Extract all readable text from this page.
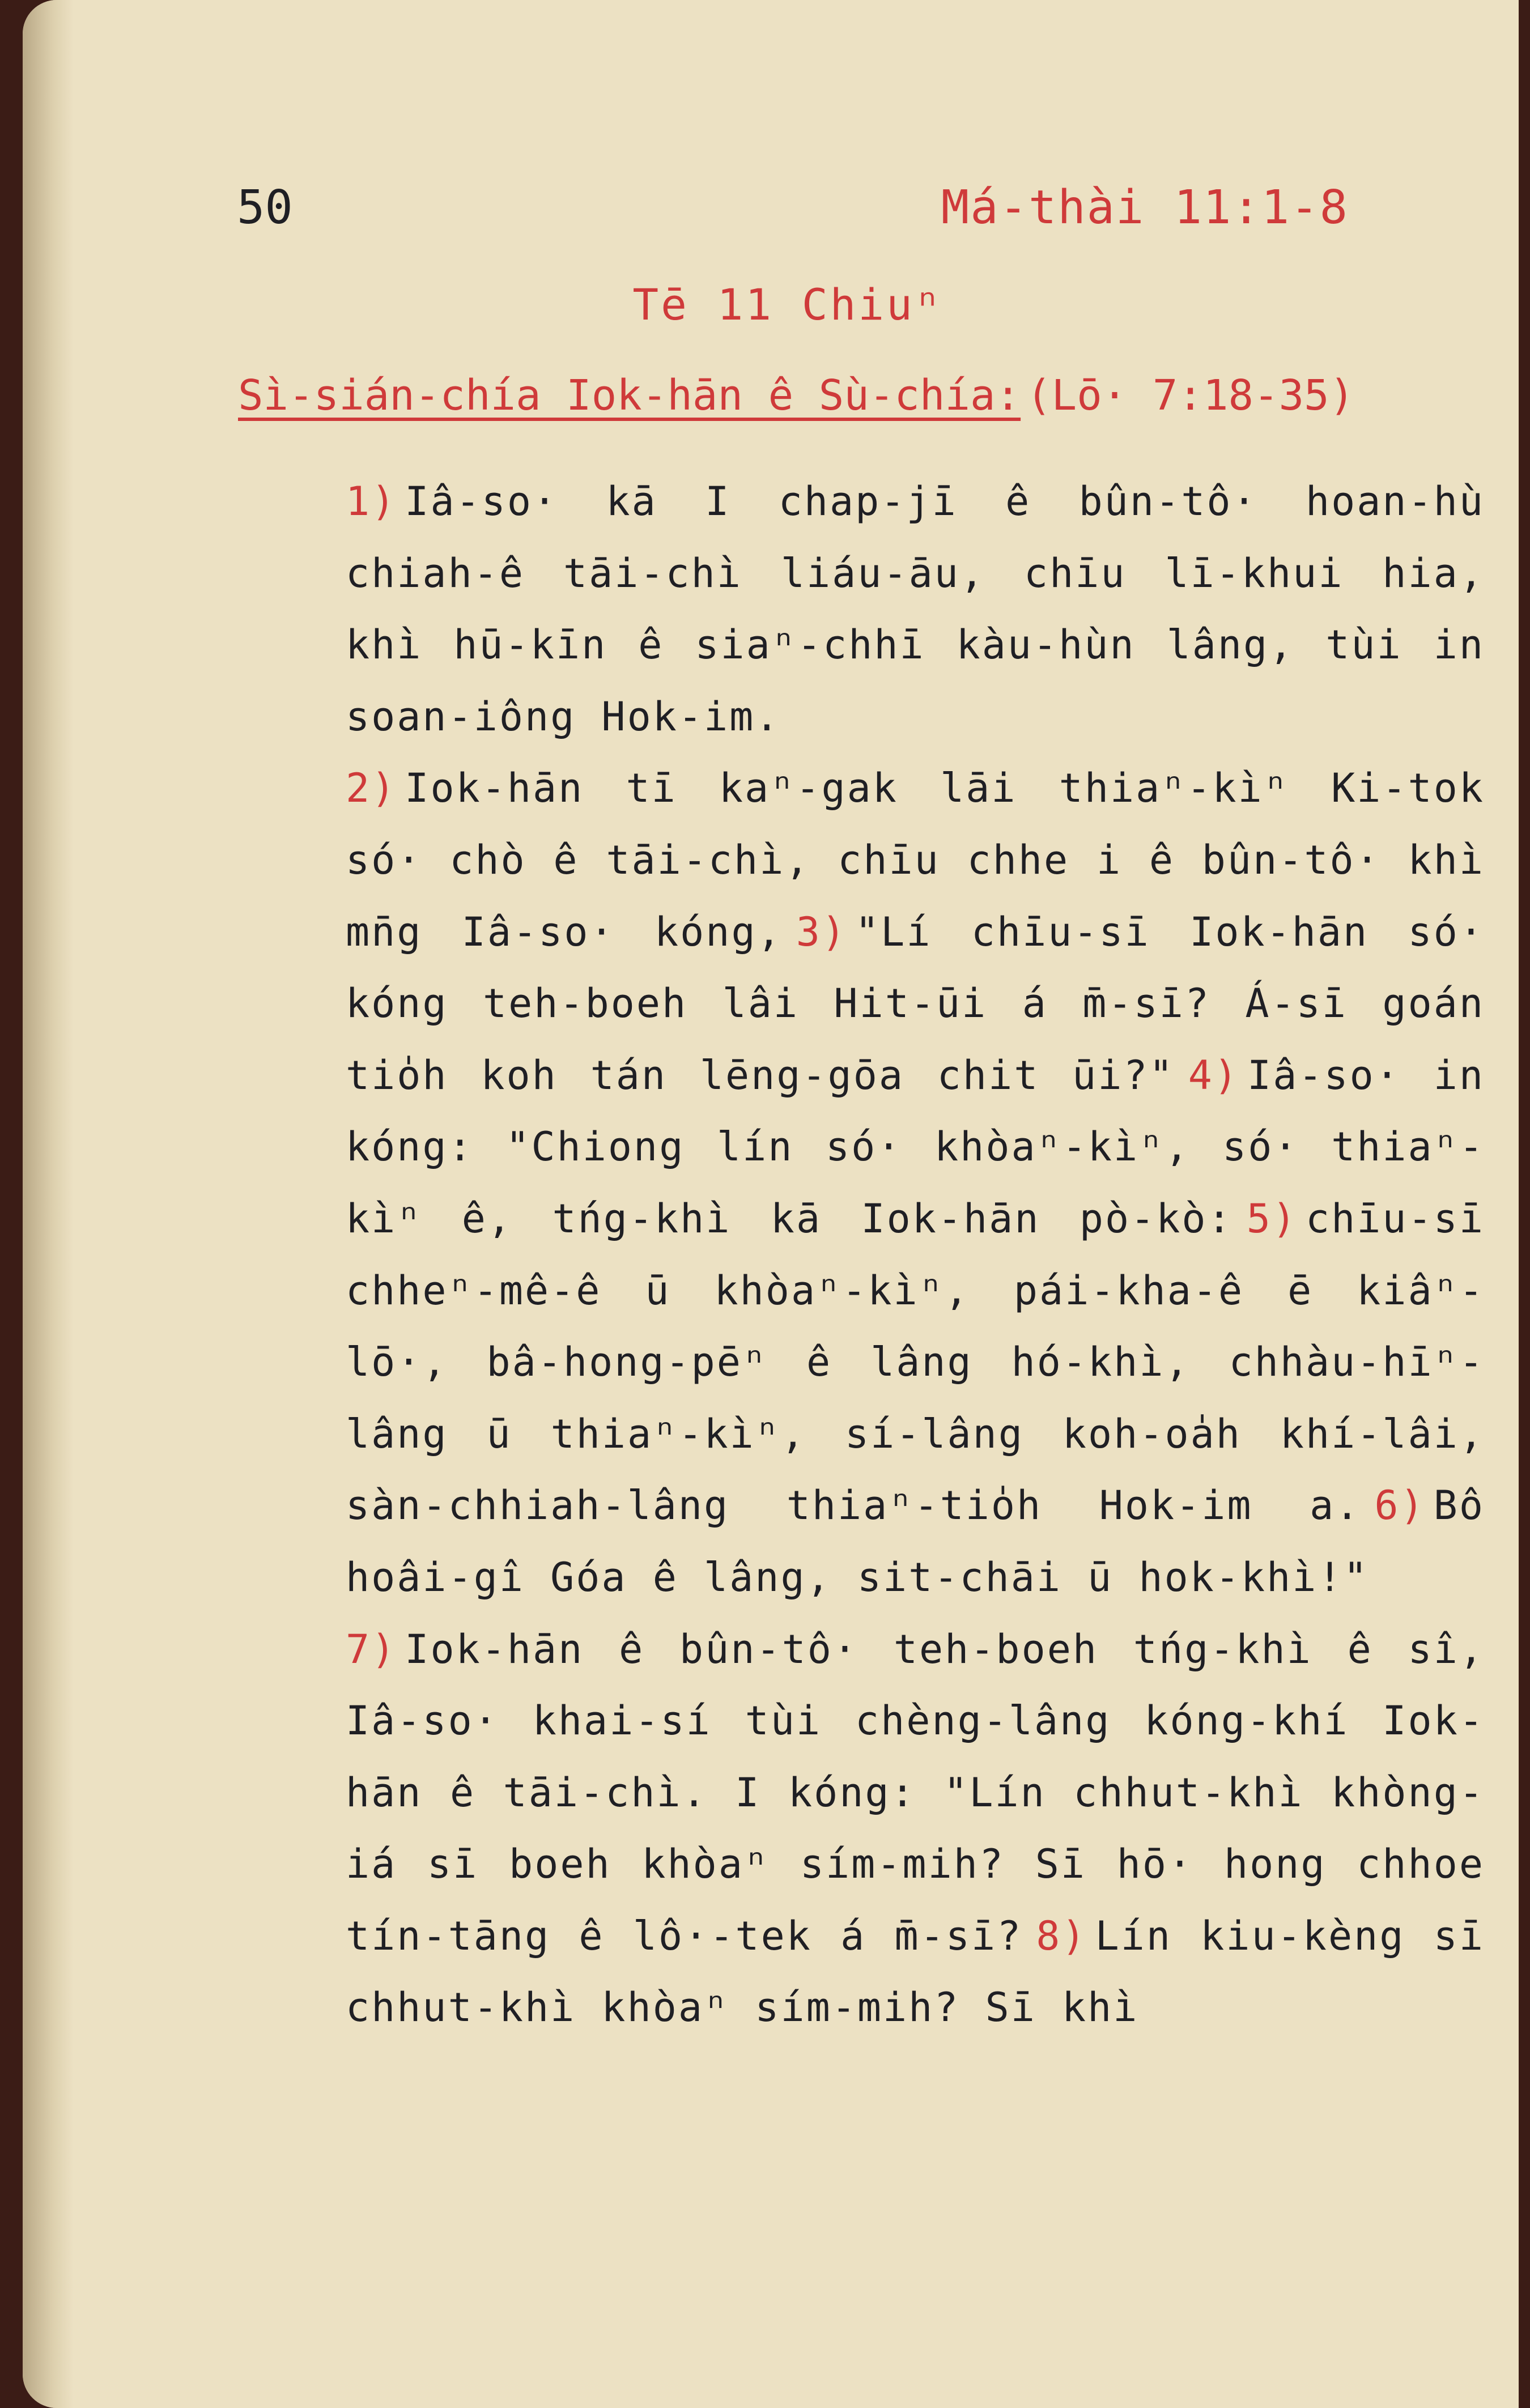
50	Má-thài 11:1-8
Tē 11 Chiuⁿ
Sì-sián-chía Iok-hān ê Sù-chía: (Lō· 7:18-35)

1) Iâ-so· kā I chap-jī ê bûn-tô· hoan-hù chiah-ê tāi-chì liáu-āu, chīu lī-khui hia, khì hū-kīn ê siaⁿ-chhī kàu-hùn lâng, tùi in soan-iông Hok-im.

2) Iok-hān tī kaⁿ-gak lāi thiaⁿ-kìⁿ Ki-tok só· chò ê tāi-chì, chīu chhe i ê bûn-tô· khì mn̄g Iâ-so· kóng, 3) "Lí chīu-sī Iok-hān só· kóng teh-boeh lâi Hit-ūi á m̄-sī? Á-sī goán tio̍h koh tán lēng-gōa chit ūi?" 4) Iâ-so· in kóng: "Chiong lín só· khòaⁿ-kìⁿ, só· thiaⁿ-kìⁿ ê, tńg-khì kā Iok-hān pò-kò: 5) chīu-sī chheⁿ-mê-ê ū khòaⁿ-kìⁿ, pái-kha-ê ē kiâⁿ-lō·, bâ-hong-pēⁿ ê lâng hó-khì, chhàu-hīⁿ-lâng ū thiaⁿ-kìⁿ, sí-lâng koh-oa̍h khí-lâi, sàn-chhiah-lâng thiaⁿ-tio̍h Hok-im a. 6) Bô hoâi-gî Góa ê lâng, sit-chāi ū hok-khì!"

7) Iok-hān ê bûn-tô· teh-boeh tńg-khì ê sî, Iâ-so· khai-sí tùi chèng-lâng kóng-khí Iok-hān ê tāi-chì. I kóng: "Lín chhut-khì khòng-iá sī boeh khòaⁿ sím-mih? Sī hō· hong chhoe tín-tāng ê lô·-tek á m̄-sī? 8) Lín kiu-kèng sī chhut-khì khòaⁿ sím-mih? Sī khì
